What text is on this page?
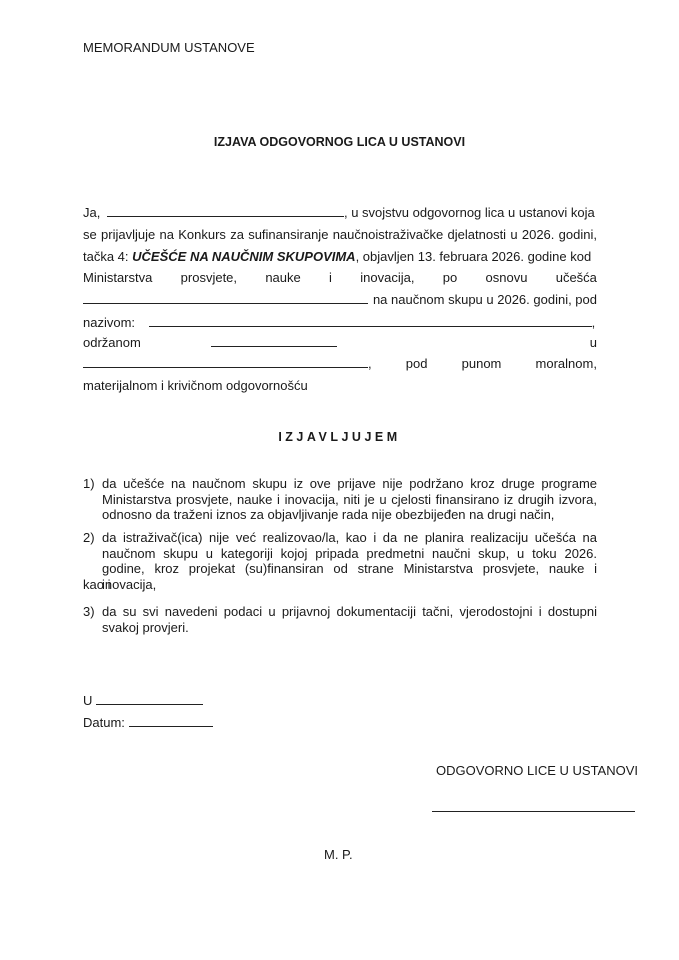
MEMORANDUM USTANOVE
IZJAVA ODGOVORNOG LICA U USTANOVI
Ja,	, u svojstvu odgovornog lica u ustanovi koja
se prijavljuje na Konkurs za sufinansiranje naučnoistraživačke djelatnosti u 2026. godini,
tačka 4: UČEŠĆE NA NAUČNIM SKUPOVIMA, objavljen 13. februara 2026. godine kod
Ministarstva prosvjete, nauke i inovacija, po osnovu učešća
na naučnom skupu u 2026. godini, pod
nazivom:	,
održanom	u
,	pod	punom	moralnom,
materijalnom i krivičnom odgovornošću
IZJAVLJUJEM
1) da učešće na naučnom skupu iz ove prijave nije podržano kroz druge programe Ministarstva prosvjete, nauke i inovacija, niti je u cjelosti finansirano iz drugih izvora, odnosno da traženi iznos za objavljivanje rada nije obezbijeđen na drugi način,
2) da istraživač(ica) nije već realizovao/la, kao i da ne planira realizaciju učešća na naučnom skupu u kategoriji kojoj pripada predmetni naučni skup, u toku 2026. godine, kroz projekat (su)finansiran od strane Ministarstva prosvjete, nauke i inovacija,
kao i
3) da su svi navedeni podaci u prijavnoj dokumentaciji tačni, vjerodostojni i dostupni svakoj provjeri.
U
Datum:
ODGOVORNO LICE U USTANOVI
M. P.
